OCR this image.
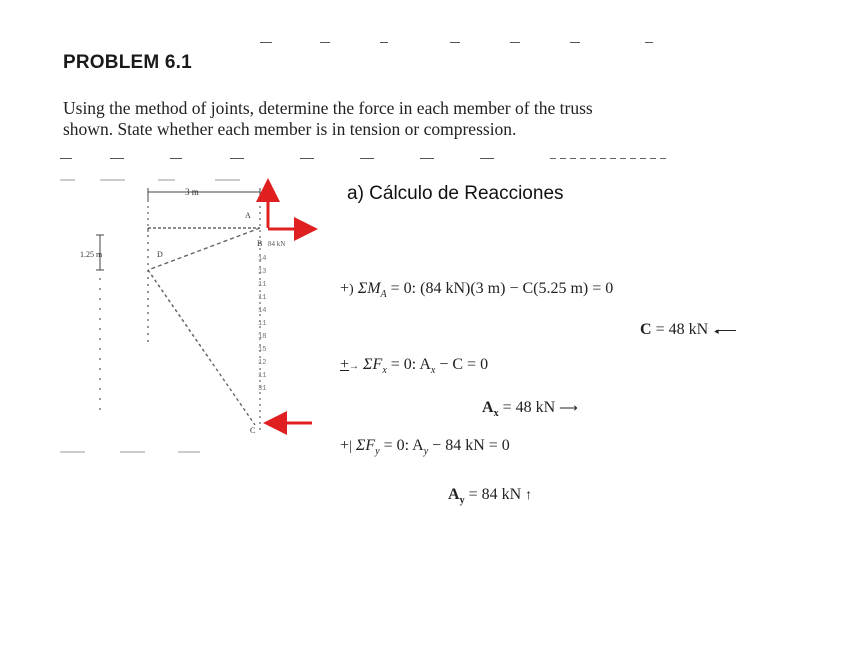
PROBLEM 6.1
Using the method of joints, determine the force in each member of the truss
shown. State whether each member is in tension or compression.
a) Cálculo de Reacciones
3 m
1.25 m
A
B
D
C
84 kN
14
13
11
11
14
11
18
15
12
11
31
+) $\Sigma M_A = 0$: (84 kN)(3 m) − C(5.25 m) = 0
C = 48 kN ◂
+→ $\Sigma F_x = 0$: $A_x - C = 0$
$A_x = 48$ kN ⟶
+| $\Sigma F_y = 0$: $A_y - 84$ kN = 0
$A_y = 84$ kN ↑
